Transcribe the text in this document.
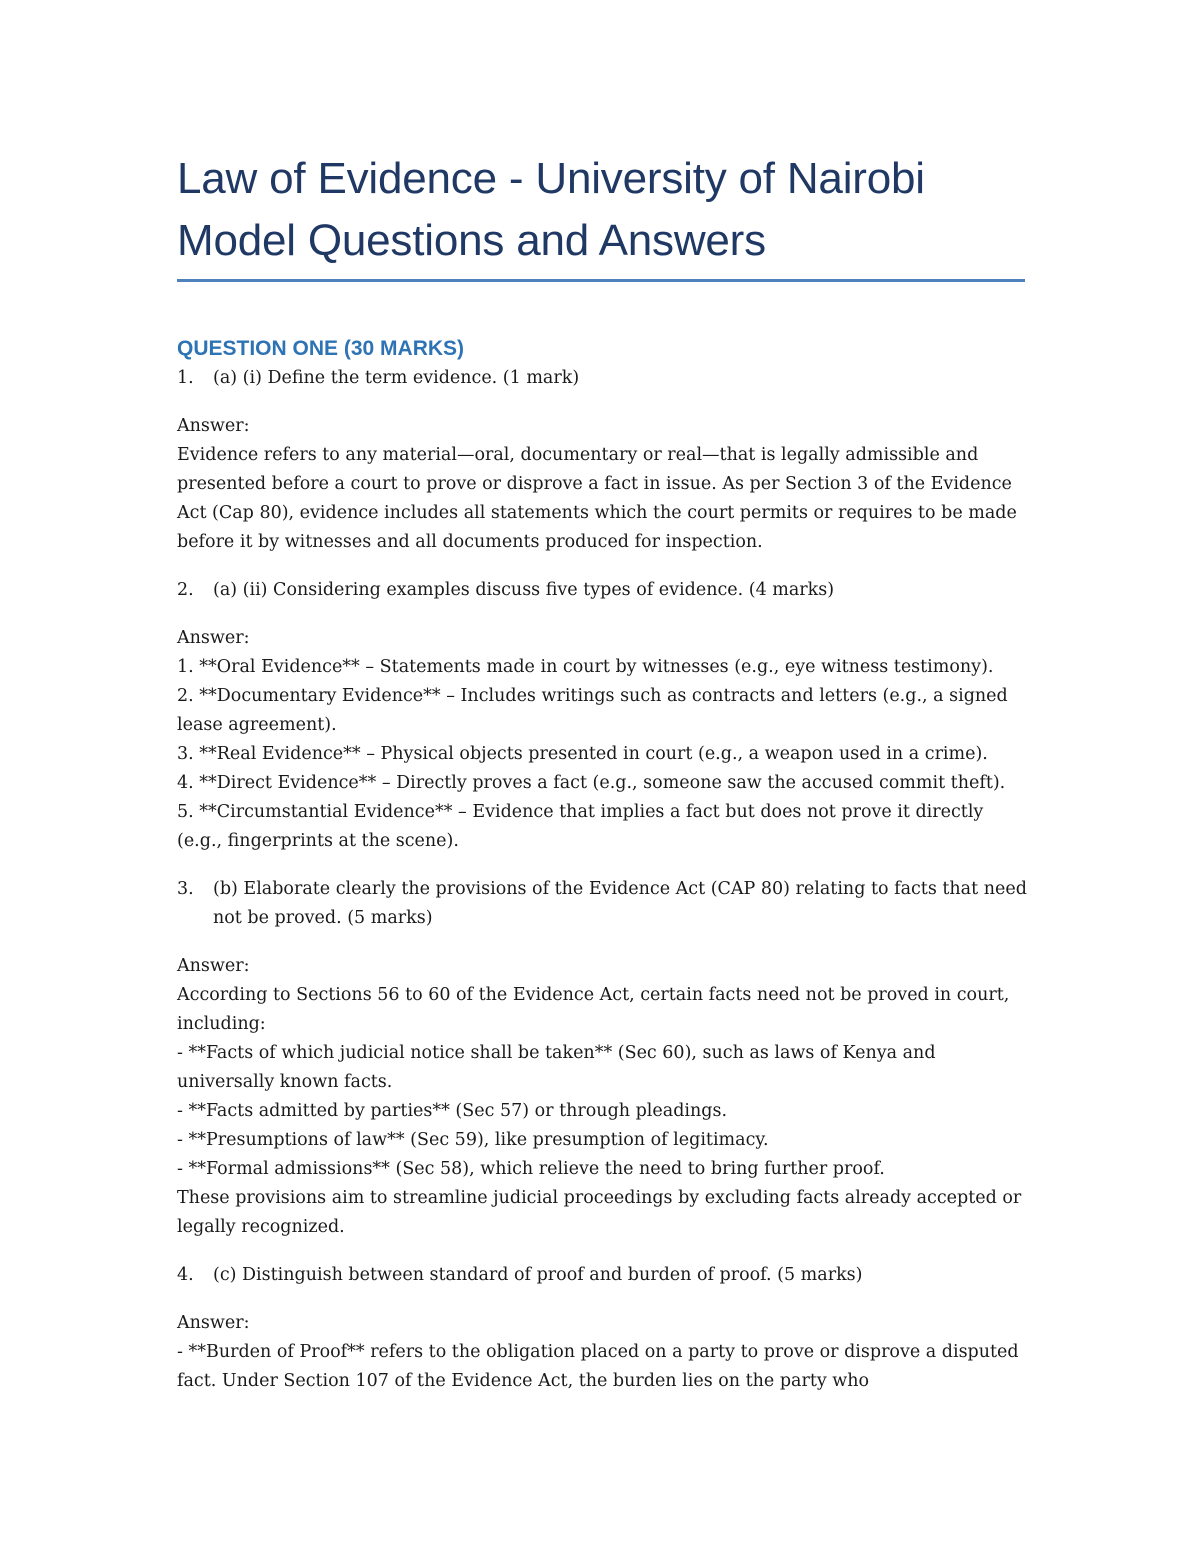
Law of Evidence - University of Nairobi
Model Questions and Answers
QUESTION ONE (30 MARKS)
1.	(a) (i) Define the term evidence. (1 mark)
Answer:
Evidence refers to any material—oral, documentary or real—that is legally admissible and presented before a court to prove or disprove a fact in issue. As per Section 3 of the Evidence Act (Cap 80), evidence includes all statements which the court permits or requires to be made before it by witnesses and all documents produced for inspection.
2.	(a) (ii) Considering examples discuss five types of evidence. (4 marks)
Answer:
1. **Oral Evidence** – Statements made in court by witnesses (e.g., eye witness testimony).
2. **Documentary Evidence** – Includes writings such as contracts and letters (e.g., a signed lease agreement).
3. **Real Evidence** – Physical objects presented in court (e.g., a weapon used in a crime).
4. **Direct Evidence** – Directly proves a fact (e.g., someone saw the accused commit theft).
5. **Circumstantial Evidence** – Evidence that implies a fact but does not prove it directly (e.g., fingerprints at the scene).
3.	(b) Elaborate clearly the provisions of the Evidence Act (CAP 80) relating to facts that need not be proved. (5 marks)
Answer:
According to Sections 56 to 60 of the Evidence Act, certain facts need not be proved in court, including:
- **Facts of which judicial notice shall be taken** (Sec 60), such as laws of Kenya and universally known facts.
- **Facts admitted by parties** (Sec 57) or through pleadings.
- **Presumptions of law** (Sec 59), like presumption of legitimacy.
- **Formal admissions** (Sec 58), which relieve the need to bring further proof.
These provisions aim to streamline judicial proceedings by excluding facts already accepted or legally recognized.
4.	(c) Distinguish between standard of proof and burden of proof. (5 marks)
Answer:
- **Burden of Proof** refers to the obligation placed on a party to prove or disprove a disputed fact. Under Section 107 of the Evidence Act, the burden lies on the party who
